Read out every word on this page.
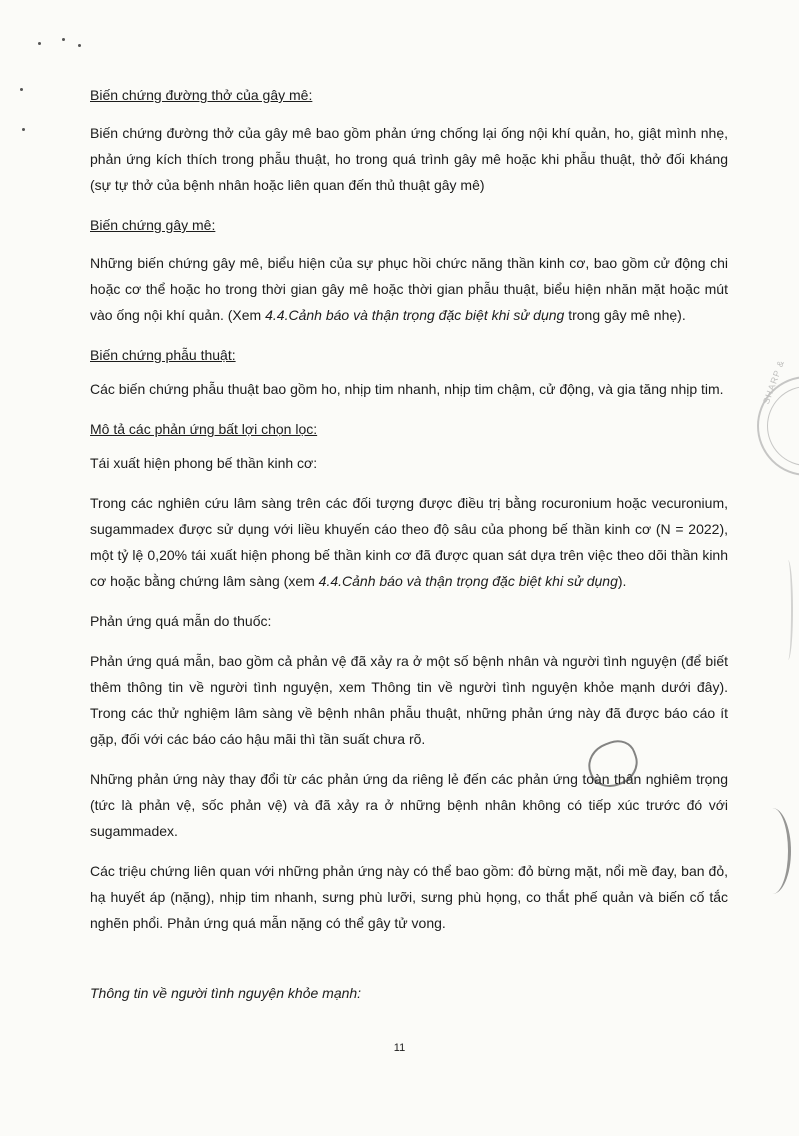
Biến chứng đường thở của gây mê:

Biến chứng đường thở của gây mê bao gồm phản ứng chống lại ống nội khí quản, ho, giật mình nhẹ, phản ứng kích thích trong phẫu thuật, ho trong quá trình gây mê hoặc khi phẫu thuật, thở đối kháng (sự tự thở của bệnh nhân hoặc liên quan đến thủ thuật gây mê)

Biến chứng gây mê:

Những biến chứng gây mê, biểu hiện của sự phục hồi chức năng thần kinh cơ, bao gồm cử động chi hoặc cơ thể hoặc ho trong thời gian gây mê hoặc thời gian phẫu thuật, biểu hiện nhăn mặt hoặc mút vào ống nội khí quản. (Xem 4.4.Cảnh báo và thận trọng đặc biệt khi sử dụng trong gây mê nhẹ).

Biến chứng phẫu thuật:

Các biến chứng phẫu thuật bao gồm ho, nhịp tim nhanh, nhịp tim chậm, cử động, và gia tăng nhịp tim.

Mô tả các phản ứng bất lợi chọn lọc:

Tái xuất hiện phong bế thần kinh cơ:

Trong các nghiên cứu lâm sàng trên các đối tượng được điều trị bằng rocuronium hoặc vecuronium, sugammadex được sử dụng với liều khuyến cáo theo độ sâu của phong bế thần kinh cơ (N = 2022), một tỷ lệ 0,20% tái xuất hiện phong bế thần kinh cơ đã được quan sát dựa trên việc theo dõi thần kinh cơ hoặc bằng chứng lâm sàng (xem 4.4.Cảnh báo và thận trọng đặc biệt khi sử dụng).

Phản ứng quá mẫn do thuốc:

Phản ứng quá mẫn, bao gồm cả phản vệ đã xảy ra ở một số bệnh nhân và người tình nguyện (để biết thêm thông tin về người tình nguyện, xem Thông tin về người tình nguyện khỏe mạnh dưới đây). Trong các thử nghiệm lâm sàng về bệnh nhân phẫu thuật, những phản ứng này đã được báo cáo ít gặp, đối với các báo cáo hậu mãi thì tần suất chưa rõ.

Những phản ứng này thay đổi từ các phản ứng da riêng lẻ đến các phản ứng toàn thân nghiêm trọng (tức là phản vệ, sốc phản vệ) và đã xảy ra ở những bệnh nhân không có tiếp xúc trước đó với sugammadex.

Các triệu chứng liên quan với những phản ứng này có thể bao gồm: đỏ bừng mặt, nổi mề đay, ban đỏ, hạ huyết áp (nặng), nhịp tim nhanh, sưng phù lưỡi, sưng phù họng, co thắt phế quản và biến cố tắc nghẽn phổi. Phản ứng quá mẫn nặng có thể gây tử vong.

Thông tin về người tình nguyện khỏe mạnh:

11
SHARP &
